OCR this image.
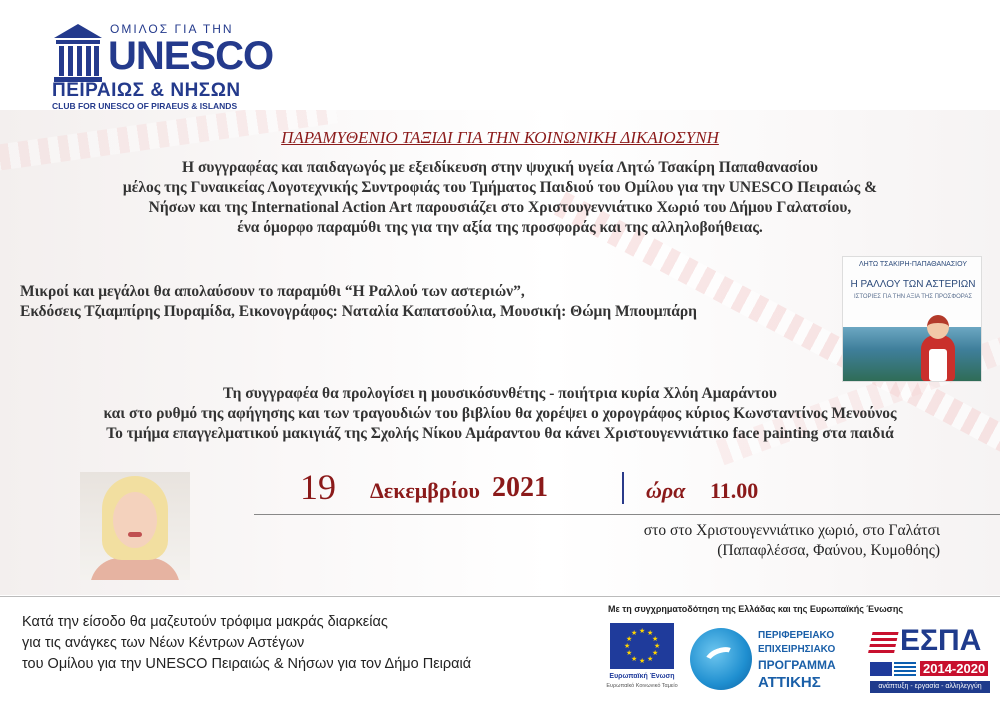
ΟΜΙΛΟΣ ΓΙΑ ΤΗΝ
UNESCO
ΠΕΙΡΑΙΩΣ & ΝΗΣΩΝ
CLUB FOR UNESCO OF PIRAEUS & ISLANDS
ΠΑΡΑΜΥΘΕΝΙΟ ΤΑΞΙΔΙ ΓΙΑ ΤΗΝ ΚΟΙΝΩΝΙΚΗ ΔΙΚΑΙΟΣΥΝΗ
Η συγγραφέας και παιδαγωγός με εξειδίκευση στην ψυχική υγεία Λητώ Τσακίρη Παπαθανασίου
μέλος της Γυναικείας Λογοτεχνικής Συντροφιάς του Τμήματος Παιδιού του Ομίλου για την UNESCO Πειραιώς &
Νήσων και της International Action Art παρουσιάζει στο Χριστουγεννιάτικο Χωριό του Δήμου Γαλατσίου,
ένα όμορφο παραμύθι της για την αξία της προσφοράς και της αλληλοβοήθειας.
Μικροί και μεγάλοι θα απολαύσουν το παραμύθι “Η Ραλλού των αστεριών”,
Εκδόσεις Τζιαμπίρης Πυραμίδα, Εικονογράφος: Ναταλία Καπατσούλια, Μουσική: Θώμη Μπουμπάρη
ΛΗΤΩ ΤΣΑΚΙΡΗ-ΠΑΠΑΘΑΝΑΣΙΟΥ
Η ΡΑΛΛΟΥ ΤΩΝ ΑΣΤΕΡΙΩΝ
ΙΣΤΟΡΙΕΣ ΓΙΑ ΤΗΝ ΑΞΙΑ ΤΗΣ ΠΡΟΣΦΟΡΑΣ
Τη συγγραφέα θα προλογίσει η μουσικόσυνθέτης - ποιήτρια κυρία Χλόη Αμαράντου
και στο ρυθμό της αφήγησης και των τραγουδιών του βιβλίου θα χορέψει ο χορογράφος κύριος Κωνσταντίνος Μενούνος
Το τμήμα επαγγελματικού μακιγιάζ της Σχολής Νίκου Αμάραντου θα κάνει Χριστουγεννιάτικο face painting στα παιδιά
19 Δεκεμβρίου 2021	ώρα 11.00
στο στο Χριστουγεννιάτικο χωριό, στο Γαλάτσι
(Παπαφλέσσα, Φαύνου, Κυμοθόης)
Κατά την είσοδο θα μαζευτούν τρόφιμα μακράς διαρκείας
για τις ανάγκες των Νέων Κέντρων Αστέγων
του Ομίλου για την UNESCO Πειραιώς & Νήσων για τον Δήμο Πειραιά
Με τη συγχρηματοδότηση της Ελλάδας και της Ευρωπαϊκής Ένωσης
★ ★
★
★
★
★
★
★
★
★
★
★
Ευρωπαϊκή Ένωση
Ευρωπαϊκό Κοινωνικό Ταμείο
ΠΕΡΙΦΕΡΕΙΑΚΟ
ΕΠΙΧΕΙΡΗΣΙΑΚΟ
ΠΡΟΓΡΑΜΜΑ
ΑΤΤΙΚΗΣ
ΕΣΠΑ
2014-2020
ανάπτυξη - εργασία - αλληλεγγύη
